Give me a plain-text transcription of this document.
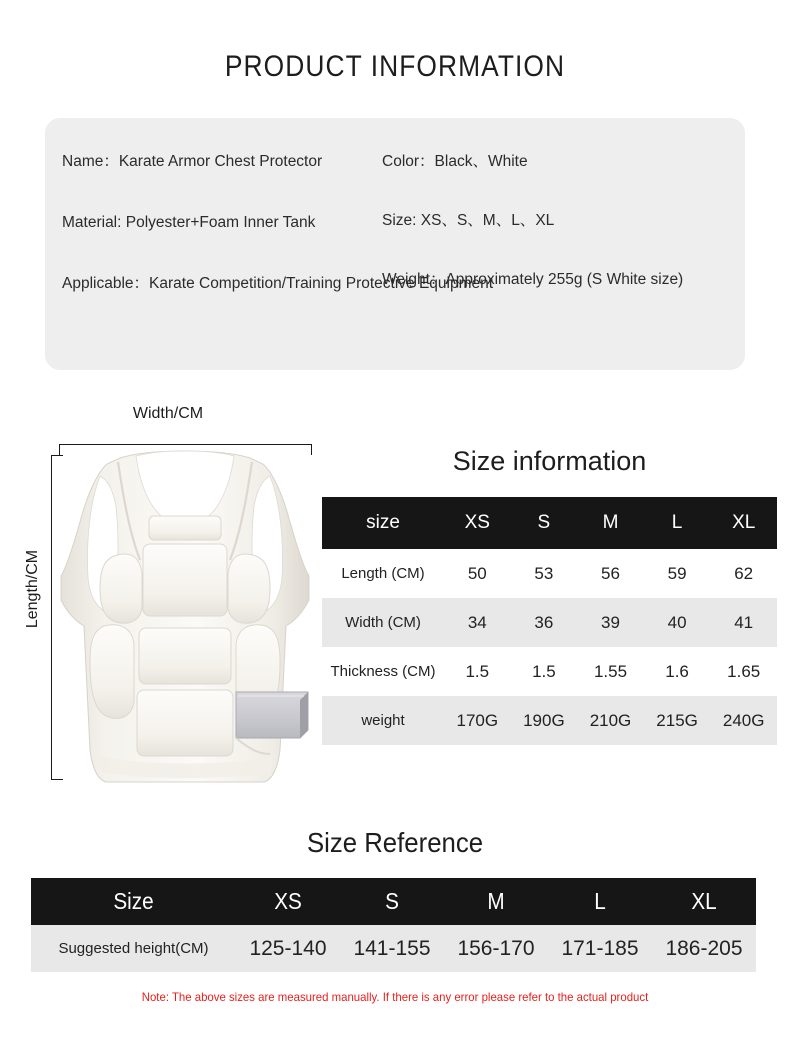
PRODUCT INFORMATION
Name：Karate Armor Chest Protector
Material: Polyester+Foam Inner Tank
Applicable：Karate Competition/Training Protective Equipment
Color：Black、White
Size: XS、S、M、L、XL
Weight：Approximately 255g (S White size)
Width/CM
Length/CM
Size information
size	XS	S	M	L	XL
Length (CM)	50	53	56	59	62
Width (CM)	34	36	39	40	41
Thickness (CM)	1.5	1.5	1.55	1.6	1.65
weight	170G	190G	210G	215G	240G
Size Reference
Size	XS	S	M	L	XL
Suggested height(CM)	125-140	141-155	156-170	171-185	186-205
Note: The above sizes are measured manually. If there is any error please refer to the actual product
